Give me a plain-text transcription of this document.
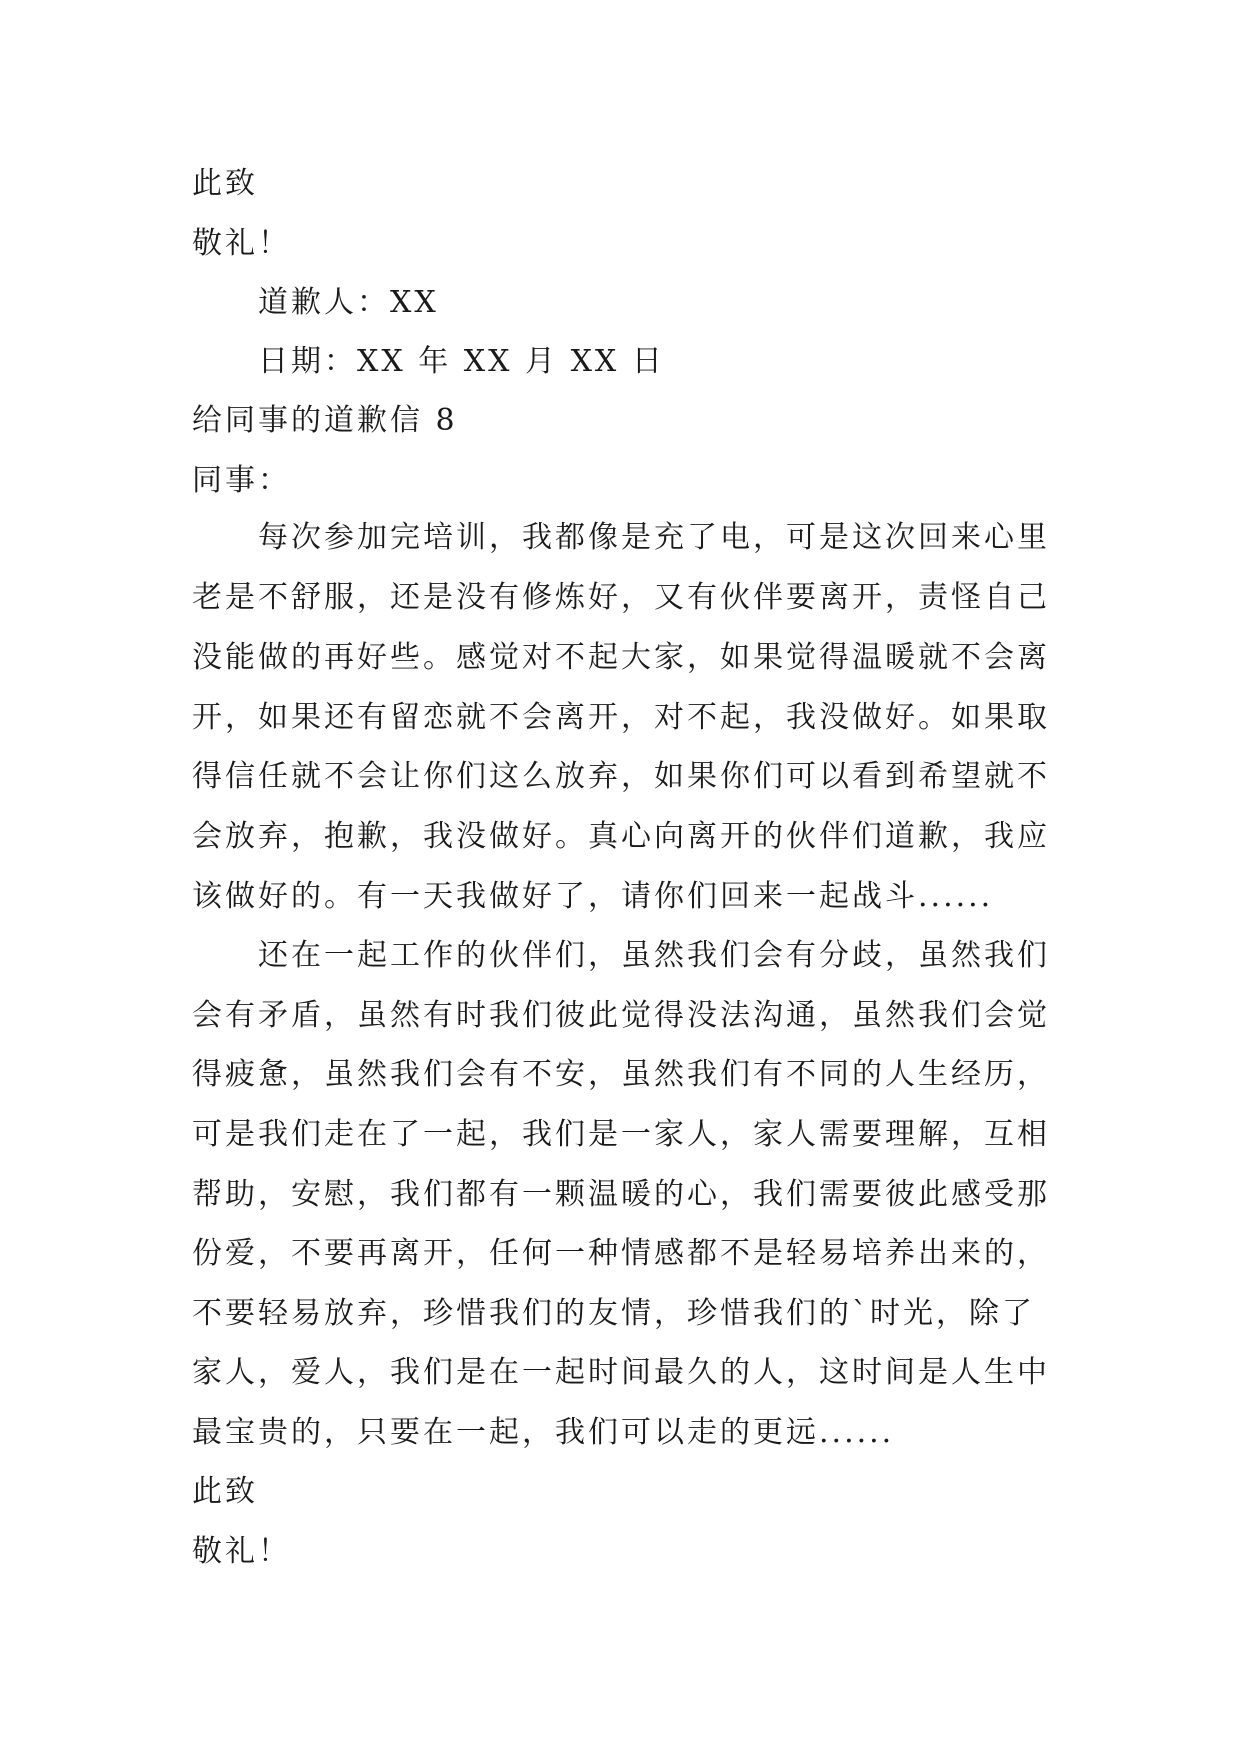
此致
敬礼！
道歉人：XX
日期：XX 年 XX 月 XX 日
给同事的道歉信 8
同事：
每次参加完培训，我都像是充了电，可是这次回来心里
老是不舒服，还是没有修炼好，又有伙伴要离开，责怪自己
没能做的再好些。感觉对不起大家，如果觉得温暖就不会离
开，如果还有留恋就不会离开，对不起，我没做好。如果取
得信任就不会让你们这么放弃，如果你们可以看到希望就不
会放弃，抱歉，我没做好。真心向离开的伙伴们道歉，我应
该做好的。有一天我做好了，请你们回来一起战斗......
还在一起工作的伙伴们，虽然我们会有分歧，虽然我们
会有矛盾，虽然有时我们彼此觉得没法沟通，虽然我们会觉
得疲惫，虽然我们会有不安，虽然我们有不同的人生经历，
可是我们走在了一起，我们是一家人，家人需要理解，互相
帮助，安慰，我们都有一颗温暖的心，我们需要彼此感受那
份爱，不要再离开，任何一种情感都不是轻易培养出来的，
不要轻易放弃，珍惜我们的友情，珍惜我们的`时光，除了
家人，爱人，我们是在一起时间最久的人，这时间是人生中
最宝贵的，只要在一起，我们可以走的更远......
此致
敬礼！
